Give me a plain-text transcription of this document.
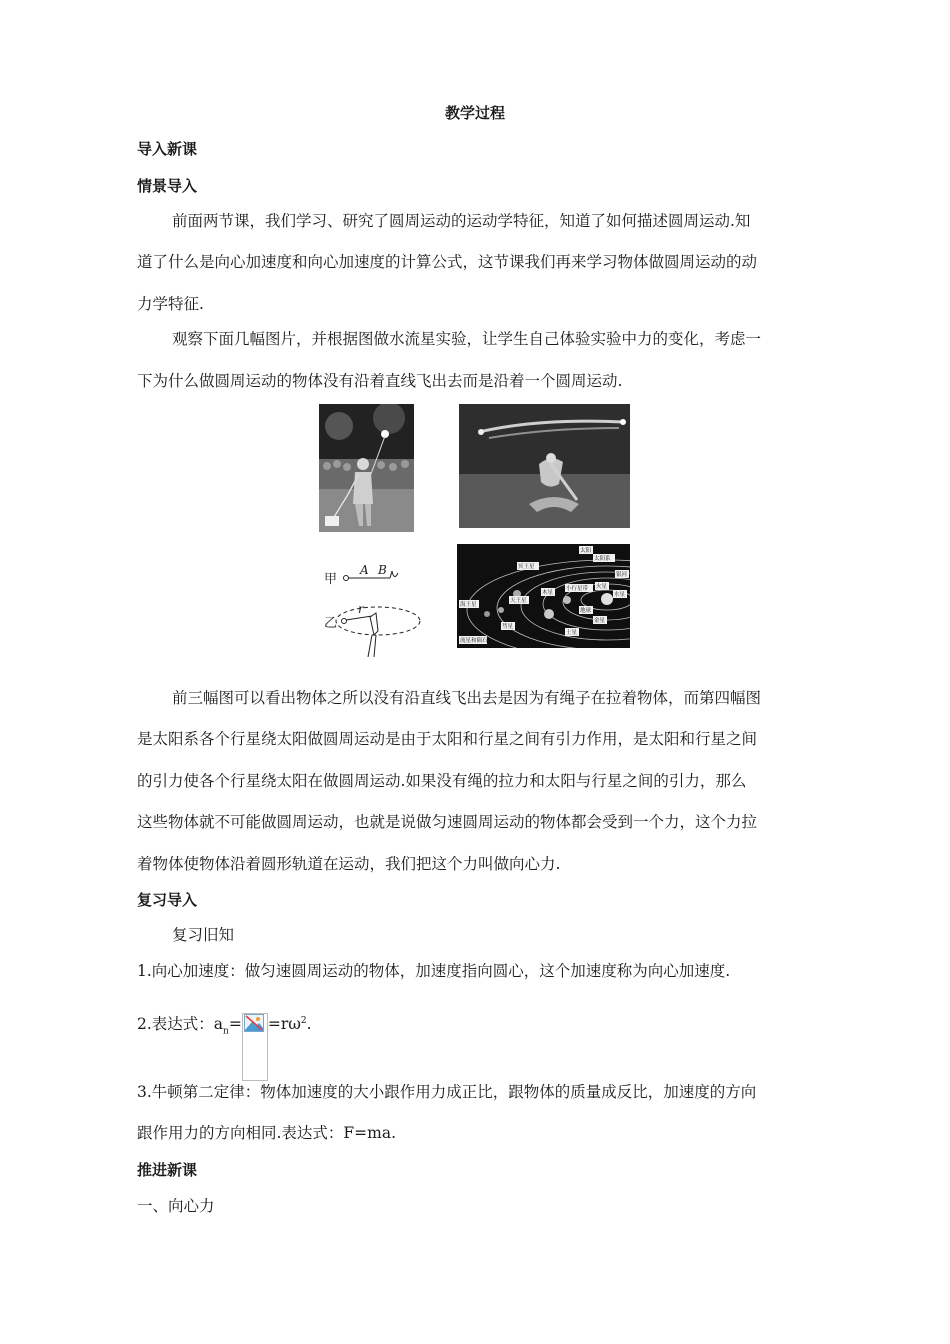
教学过程
导入新课
情景导入
前面两节课，我们学习、研究了圆周运动的运动学特征，知道了如何描述圆周运动.知
道了什么是向心加速度和向心加速度的计算公式，这节课我们再来学习物体做圆周运动的动
力学特征.
观察下面几幅图片，并根据图做水流星实验，让学生自己体验实验中力的变化，考虑一
下为什么做圆周运动的物体没有沿着直线飞出去而是沿着一个圆周运动.
甲
A B
乙
r
太阳
太阳系
冥王星
木星
小行星带
地球
火星
水星
金星
土星
天王星
海王星
彗星
银河
流星和陨石
前三幅图可以看出物体之所以没有沿直线飞出去是因为有绳子在拉着物体，而第四幅图
是太阳系各个行星绕太阳做圆周运动是由于太阳和行星之间有引力作用，是太阳和行星之间
的引力使各个行星绕太阳在做圆周运动.如果没有绳的拉力和太阳与行星之间的引力，那么
这些物体就不可能做圆周运动，也就是说做匀速圆周运动的物体都会受到一个力，这个力拉
着物体使物体沿着圆形轨道在运动，我们把这个力叫做向心力.
复习导入
复习旧知
1.向心加速度：做匀速圆周运动的物体，加速度指向圆心，这个加速度称为向心加速度.
2.表达式：$a_n= =r\omega^2$.
3.牛顿第二定律：物体加速度的大小跟作用力成正比，跟物体的质量成反比，加速度的方向
跟作用力的方向相同.表达式：F=ma.
推进新课
一、向心力
